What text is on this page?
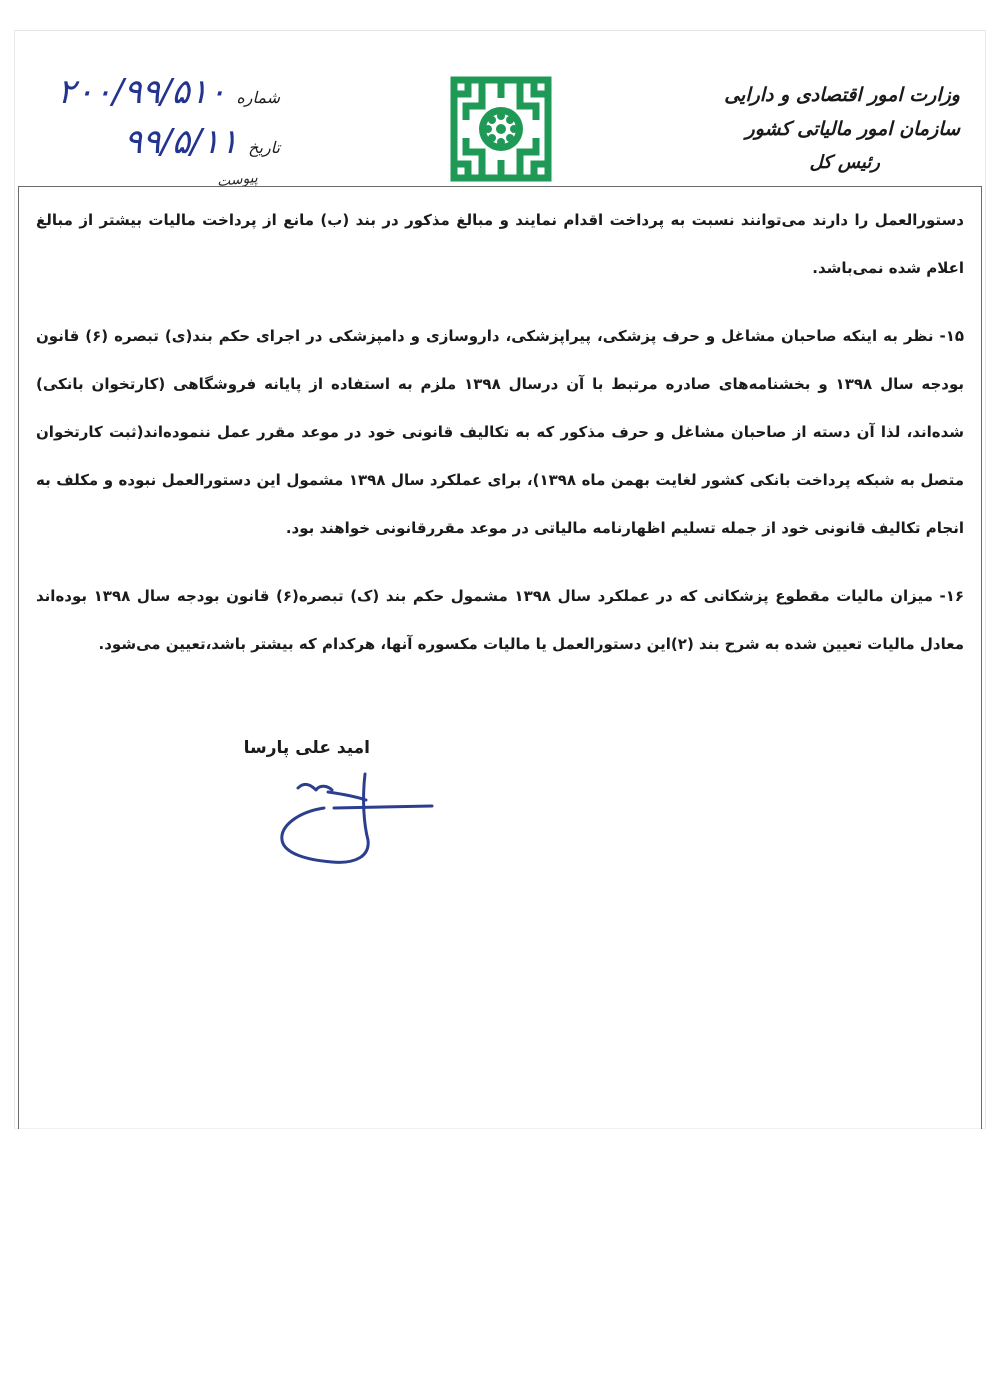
وزارت امور اقتصادی و دارایی
سازمان امور مالیاتی کشور
رئیس کل
شماره
۲۰۰/۹۹/۵۱۰
تاریخ
۹۹/۵/۱۱
پیوست

دستورالعمل را دارند می‌توانند نسبت به پرداخت اقدام نمایند و مبالغ مذکور در بند (ب) مانع از پرداخت مالیات بیشتر از مبالغ اعلام شده نمی‌باشد.

۱۵- نظر به اینکه صاحبان مشاغل و حرف پزشکی، پیراپزشکی، داروسازی و دامپزشکی در اجرای حکم بند(ی) تبصره (۶) قانون بودجه سال ۱۳۹۸ و بخشنامه‌های صادره مرتبط با آن درسال ۱۳۹۸ ملزم به استفاده از پایانه فروشگاهی (کارتخوان بانکی) شده‌اند، لذا آن دسته از صاحبان مشاغل و حرف مذکور که به تکالیف قانونی خود در موعد مقرر عمل ننموده‌اند(ثبت کارتخوان متصل به شبکه پرداخت بانکی کشور لغایت بهمن ماه ۱۳۹۸)، برای عملکرد سال ۱۳۹۸ مشمول این دستورالعمل نبوده و مکلف به انجام تکالیف قانونی خود از جمله تسلیم اظهارنامه مالیاتی در موعد مقررقانونی خواهند بود.

۱۶- میزان مالیات مقطوع پزشکانی که در عملکرد سال ۱۳۹۸ مشمول حکم بند (ک) تبصره(۶) قانون بودجه سال ۱۳۹۸ بوده‌اند معادل مالیات تعیین شده به شرح بند (۲)این دستورالعمل یا مالیات مکسوره آنها، هرکدام که بیشتر باشد،تعیین می‌شود.

امید علی پارسا
